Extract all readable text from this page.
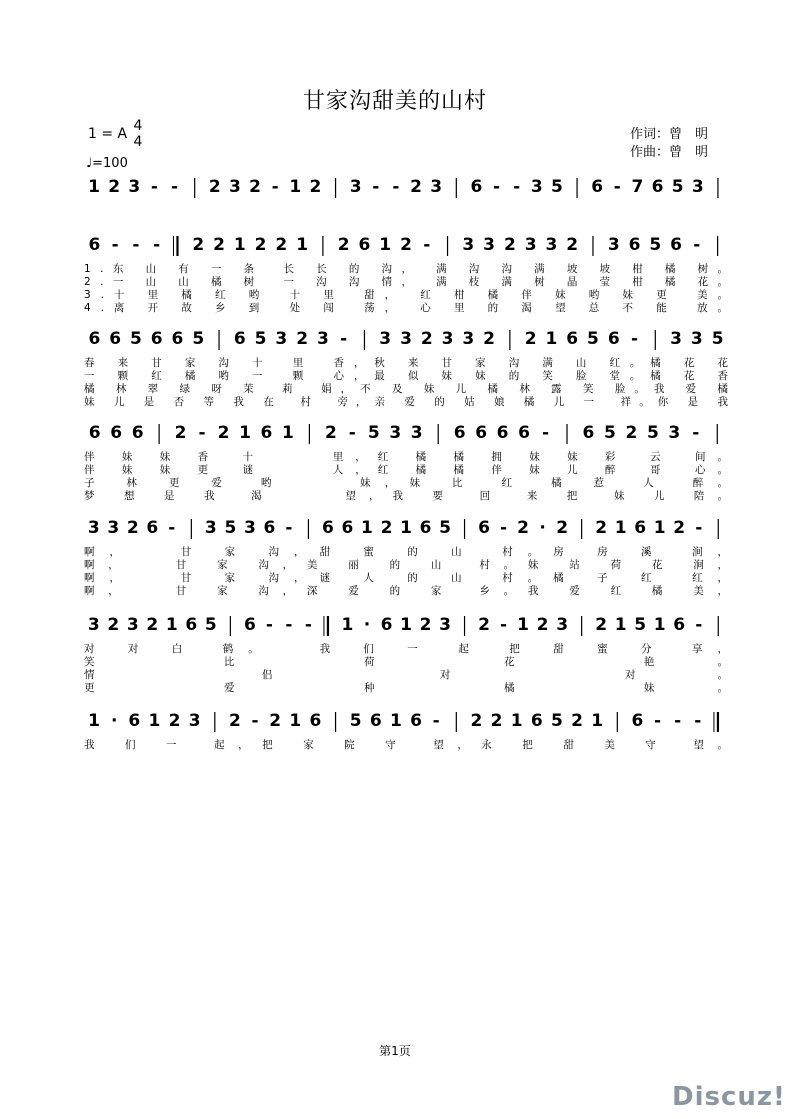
甘家沟甜美的山村
1 = A 4
4
♩=100
作词：曾　明
作曲：曾　明
1 2 3 - - 2 3 2 - 1 2 3 - - 2 3 6 - - 3 5 6 - 7 6 5 3
6 - - - 2 2 1 2 2 1 2 6 1 2 - 3 3 2 3 3 2 3 6 5 6 -
1.东 山 有 一 条　长 长 的 沟，　满 沟 沟 满 坡 坡 柑 橘 树。
2.一 山 山 橘 树　一 沟 沟 情，　满 枝 满 树 晶 莹 柑 橘 花。
3.十 里 橘 红 哟　十 里　甜，　红 柑 橘 伴 妹 哟 妹 更　美。
4.离 开 故 乡 到　处 闯　荡，　心 里 的 渴 望 总 不 能　放。
6 6 5 6 6 5 6 5 3 2 3 - 3 3 2 3 3 2 2 1 6 5 6 - 3 3 5
春 来 甘 家 沟 十　里　香，秋 来 甘 家 沟 满 山 红。橘 花 花
一 颗 红 橘 哟 一　颗　心，最 似 妹 妹 的 笑 脸 堂。橘 花 香
橘 林 翠 绿 呀 茉　莉　娟，不 及 妹 儿 橘 林 露 笑 脸。我 爱 橘
妹 儿 是 否 等 我 在　村　旁，亲 爱 的 姑 娘 橘 儿 一　祥。你 是 我
6 6 6 2 - 2 1 6 1 2 - 5 3 3 6 6 6 6 - 6 5 2 5 3 -
伴 妹 妹 香　十　　　里，红 橘 橘 拥 妹 妹 彩　云　间。
伴 妹 妹 更　谜　　　人，红 橘 橘 伴 妹 儿 醉　哥　心。
子 林 更 爱　哟　　　妹，妹 比　红　橘 惹　人　醉。
梦 想 是 我　渴　　　望，我 要　回　来 把　妹 儿 陪。
3 3 2 6 - 3 5 3 6 - 6 6 1 2 1 6 5 6 - 2 · 2 2 1 6 1 2 -
啊，　　甘 家 沟，甜 蜜 的 山　村。房 房 溪　涧，
啊，　　甘 家 沟，美 丽 的 山　村。妹 站 荷 花 涧，
啊，　　甘 家 沟，谜 人 的 山　村。橘 子 红　红，
啊，　　甘 家 沟，深 爱 的 家　乡。我 爱 红 橘 美，
3 2 3 2 1 6 5 6 - - - 1 · 6 1 2 3 2 - 1 2 3 2 1 5 1 6 -
对 对 白　鹤。　　我 们 一　起　把 甜 蜜 分　享，
笑 比 荷 花 艳。
情 侣 对　对。
更 爱 种 橘 妹。
1 · 6 1 2 3 2 - 2 1 6 5 6 1 6 - 2 2 1 6 5 2 1 6 - - -
我 们 一　起，把 家 院 守　望，永 把 甜 美 守　望。
第1页
Discuz!
